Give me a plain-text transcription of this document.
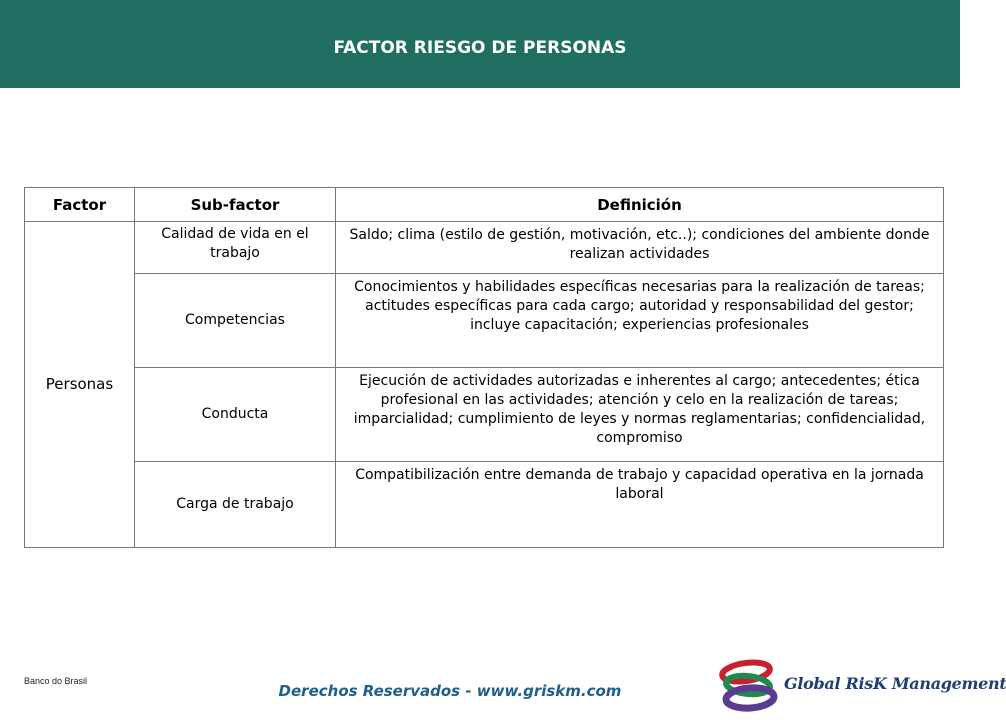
FACTOR RIESGO DE PERSONAS
Factor	Sub-factor	Definición
Personas	Calidad de vida en el trabajo	Saldo; clima (estilo de gestión, motivación, etc..); condiciones del ambiente donde realizan actividades
	Competencias	Conocimientos y habilidades específicas necesarias para la realización de tareas; actitudes específicas para cada cargo; autoridad y responsabilidad del gestor; incluye capacitación; experiencias profesionales
	Conducta	Ejecución de actividades autorizadas e inherentes al cargo; antecedentes; ética profesional en las actividades; atención y celo en la realización de tareas; imparcialidad; cumplimiento de leyes y normas reglamentarias; confidencialidad, compromiso
	Carga de trabajo	Compatibilización entre demanda de trabajo y capacidad operativa en la jornada laboral
Banco do Brasil
Derechos Reservados - www.griskm.com	Global RisK Management
